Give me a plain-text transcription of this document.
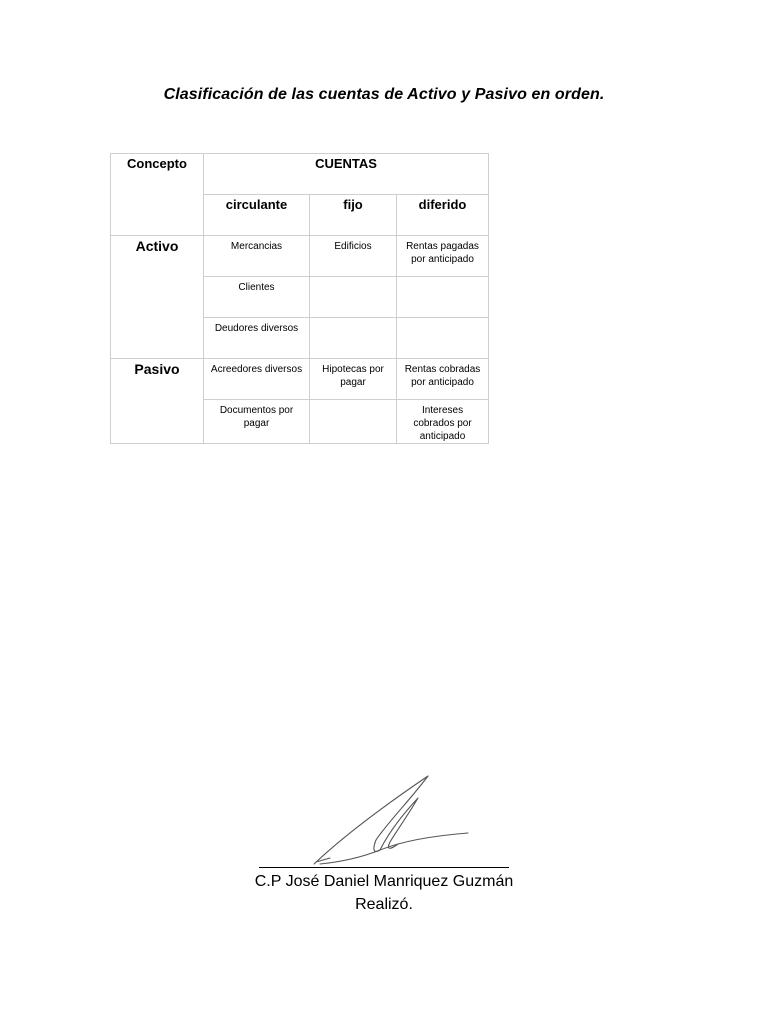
Clasificación de las cuentas de Activo y Pasivo en orden.
Concepto	CUENTAS		
	circulante	fijo	diferido
Activo	Mercancias	Edificios	Rentas pagadas por anticipado
	Clientes		
	Deudores diversos		
Pasivo	Acreedores diversos	Hipotecas por pagar	Rentas cobradas por anticipado
	Documentos por pagar		Intereses cobrados por anticipado
C.P José Daniel Manriquez Guzmán
Realizó.
